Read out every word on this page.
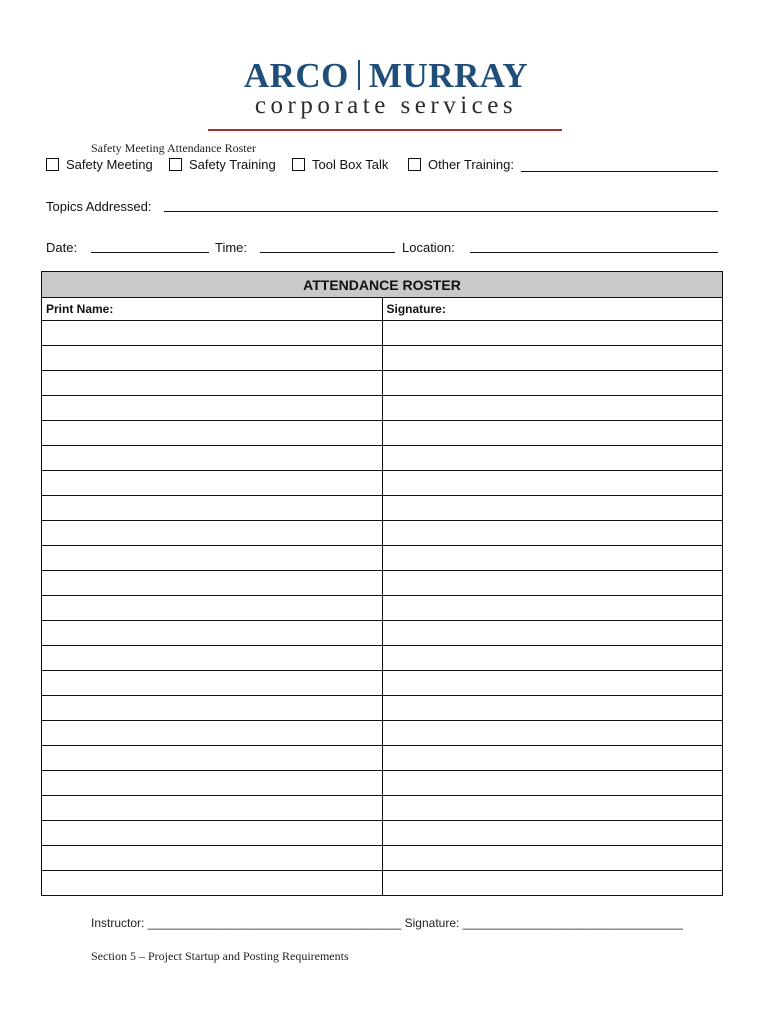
ARCO MURRAY
corporate services
Safety Meeting Attendance Roster
Safety Meeting	Safety Training	Tool Box Talk	Other Training:
Topics Addressed:
Date:	Time:	Location:
ATTENDANCE ROSTER	
Print Name:	Signature:

Instructor: ______________________________________ Signature: _________________________________
Section 5 – Project Startup and Posting Requirements
